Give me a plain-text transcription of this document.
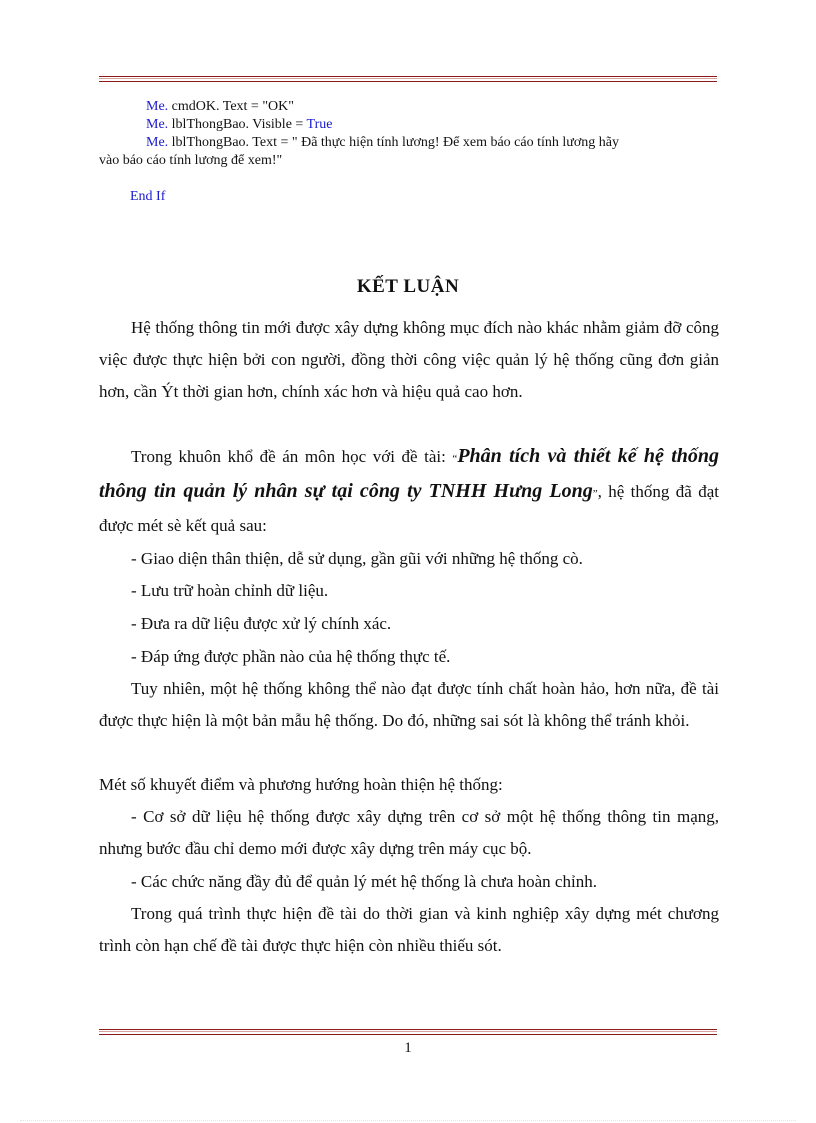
Me. cmdOK. Text = "OK"
Me. lblThongBao. Visible = True
Me. lblThongBao. Text = " Đã thực hiện tính lương! Để xem báo cáo tính lương hãy
vào báo cáo tính lương để xem!"
End If
KẾT LUẬN
Hệ thống thông tin mới được xây dựng không mục đích nào khác nhằm giảm đỡ công việc được thực hiện bởi con người, đồng thời công việc quản lý hệ thống cũng đơn giản hơn, cần Ýt thời gian hơn, chính xác hơn và hiệu quả cao hơn.
Trong khuôn khổ đề án môn học với đề tài: “Phân tích và thiết kế hệ thống thông tin quản lý nhân sự tại công ty TNHH Hưng Long”, hệ thống đã đạt được mét sè kết quả sau:
- Giao diện thân thiện, dễ sử dụng, gần gũi với những hệ thống cò.
- Lưu trữ hoàn chỉnh dữ liệu.
- Đưa ra dữ liệu được xử lý chính xác.
- Đáp ứng được phần nào của hệ thống thực tế.
Tuy nhiên, một hệ thống không thể nào đạt được tính chất hoàn hảo, hơn nữa, đề tài được thực hiện là một bản mẫu hệ thống. Do đó, những sai sót là không thể tránh khỏi.
Mét số khuyết điểm và phương hướng hoàn thiện hệ thống:
- Cơ sở dữ liệu hệ thống được xây dựng trên cơ sở một hệ thống thông tin mạng, nhưng bước đầu chỉ demo mới được xây dựng trên máy cục bộ.
- Các chức năng đầy đủ để quản lý mét hệ thống là chưa hoàn chỉnh.
Trong quá trình thực hiện đề tài do thời gian và kinh nghiệp xây dựng mét chương trình còn hạn chế đề tài được thực hiện còn nhiều thiếu sót.
1
